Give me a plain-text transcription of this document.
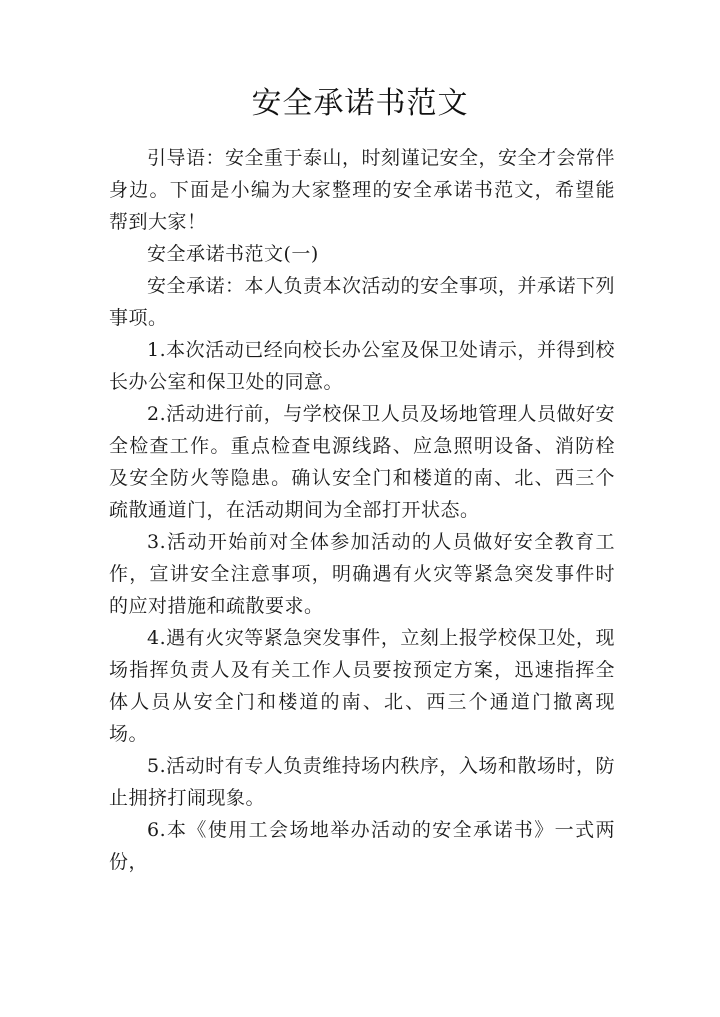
安全承诺书范文

引导语：安全重于泰山，时刻谨记安全，安全才会常伴身边。下面是小编为大家整理的安全承诺书范文，希望能帮到大家！

安全承诺书范文(一)

安全承诺：本人负责本次活动的安全事项，并承诺下列事项。

1.本次活动已经向校长办公室及保卫处请示，并得到校长办公室和保卫处的同意。

2.活动进行前，与学校保卫人员及场地管理人员做好安全检查工作。重点检查电源线路、应急照明设备、消防栓及安全防火等隐患。确认安全门和楼道的南、北、西三个疏散通道门，在活动期间为全部打开状态。

3.活动开始前对全体参加活动的人员做好安全教育工作，宣讲安全注意事项，明确遇有火灾等紧急突发事件时的应对措施和疏散要求。

4.遇有火灾等紧急突发事件，立刻上报学校保卫处，现场指挥负责人及有关工作人员要按预定方案，迅速指挥全体人员从安全门和楼道的南、北、西三个通道门撤离现场。

5.活动时有专人负责维持场内秩序，入场和散场时，防止拥挤打闹现象。

6.本《使用工会场地举办活动的安全承诺书》一式两份，
